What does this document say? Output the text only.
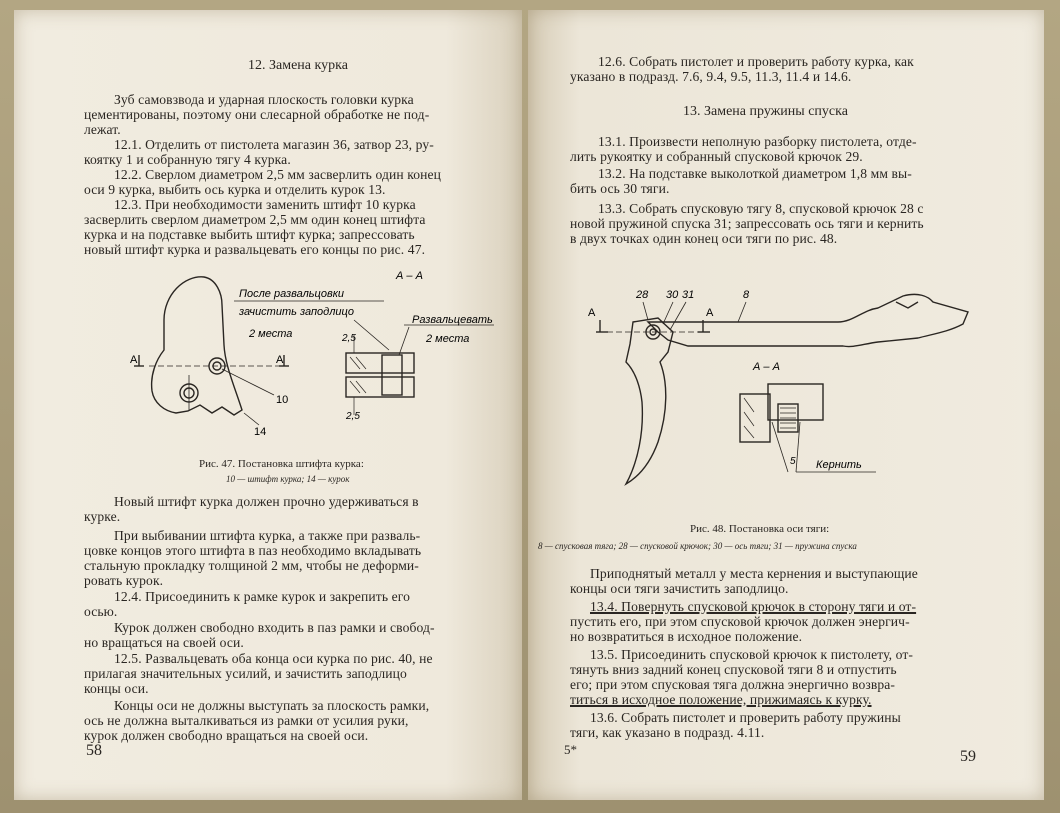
12. Замена курка
Зуб самовзвода и ударная плоскость головки курка
цементированы, поэтому они слесарной обработке не под-
лежат.
12.1. Отделить от пистолета магазин 36, затвор 23, ру-
коятку 1 и собранную тягу 4 курка.
12.2. Сверлом диаметром 2,5 мм засверлить один конец
оси 9 курка, выбить ось курка и отделить курок 13.
12.3. При необходимости заменить штифт 10 курка
засверлить сверлом диаметром 2,5 мм один конец штифта
курка и на подставке выбить штифт курка; запрессовать
новый штифт курка и развальцевать его концы по рис. 47.
А – А
После развальцовки
зачистить заподлицо
2 места
Развальцевать
2 места
2,5
2,5
A	A
10
14
Рис. 47. Постановка штифта курка:
10 — штифт курка; 14 — курок
Новый штифт курка должен прочно удерживаться в
курке.
При выбивании штифта курка, а также при разваль-
цовке концов этого штифта в паз необходимо вкладывать
стальную прокладку толщиной 2 мм, чтобы не деформи-
ровать курок.
12.4. Присоединить к рамке курок и закрепить его
осью.
Курок должен свободно входить в паз рамки и свобод-
но вращаться на своей оси.
12.5. Развальцевать оба конца оси курка по рис. 40, не
прилагая значительных усилий, и зачистить заподлицо
концы оси.
Концы оси не должны выступать за плоскость рамки,
ось не должна выталкиваться из рамки от усилия руки,
курок должен свободно вращаться на своей оси.
58
12.6. Собрать пистолет и проверить работу курка, как
указано в подразд. 7.6, 9.4, 9.5, 11.3, 11.4 и 14.6.
13. Замена пружины спуска
13.1. Произвести неполную разборку пистолета, отде-
лить рукоятку и собранный спусковой крючок 29.
13.2. На подставке выколоткой диаметром 1,8 мм вы-
бить ось 30 тяги.
13.3. Собрать спусковую тягу 8, спусковой крючок 28 с
новой пружиной спуска 31; запрессовать ось тяги и кернить
в двух точках один конец оси тяги по рис. 48.
28 30 31	8
A	A
А – А
5 Кернить
Рис. 48. Постановка оси тяги:
8 — спусковая тяга; 28 — спусковой крючок; 30 — ось тяги; 31 — пружина спуска
Приподнятый металл у места кернения и выступающие
концы оси тяги зачистить заподлицо.
13.4. Повернуть спусковой крючок в сторону тяги и от-
пустить его, при этом спусковой крючок должен энергич-
но возвратиться в исходное положение.
13.5. Присоединить спусковой крючок к пистолету, от-
тянуть вниз задний конец спусковой тяги 8 и отпустить
его; при этом спусковая тяга должна энергично возвра-
титься в исходное положение, прижимаясь к курку.
13.6. Собрать пистолет и проверить работу пружины
тяги, как указано в подразд. 4.11.
5*	59
